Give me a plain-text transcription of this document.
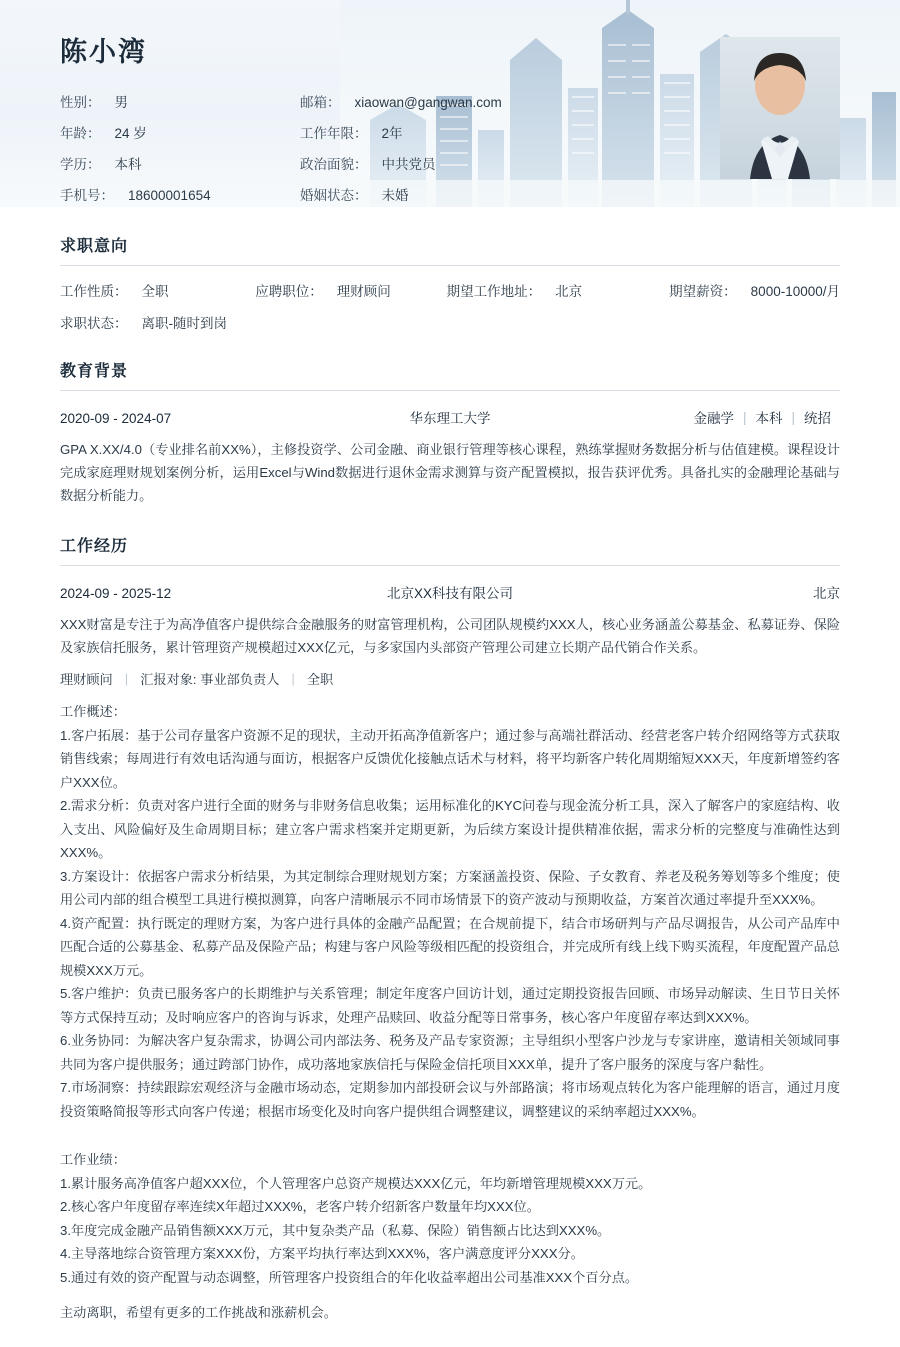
陈小湾
性别： 男	邮箱： xiaowan@gangwan.com
年龄： 24 岁	工作年限： 2年
学历： 本科	政治面貌： 中共党员
手机号： 18600001654	婚姻状态： 未婚
求职意向
工作性质： 全职	应聘职位： 理财顾问	期望工作地址： 北京	期望薪资： 8000-10000/月
求职状态： 离职-随时到岗
教育背景
2020-09 - 2024-07	华东理工大学	金融学 | 本科 | 统招

GPA X.XX/4.0（专业排名前XX%），主修投资学、公司金融、商业银行管理等核心课程，熟练掌握财务数据分析与估值建模。课程设计完成家庭理财规划案例分析，运用Excel与Wind数据进行退休金需求测算与资产配置模拟，报告获评优秀。具备扎实的金融理论基础与数据分析能力。

工作经历
2024-09 - 2025-12	北京XX科技有限公司	北京

XXX财富是专注于为高净值客户提供综合金融服务的财富管理机构，公司团队规模约XXX人，核心业务涵盖公募基金、私募证券、保险及家族信托服务，累计管理资产规模超过XXX亿元，与多家国内头部资产管理公司建立长期产品代销合作关系。

理财顾问 | 汇报对象: 事业部负责人 | 全职

工作概述：

1.客户拓展：基于公司存量客户资源不足的现状，主动开拓高净值新客户；通过参与高端社群活动、经营老客户转介绍网络等方式获取销售线索；每周进行有效电话沟通与面访，根据客户反馈优化接触点话术与材料，将平均新客户转化周期缩短XXX天，年度新增签约客户XXX位。

2.需求分析：负责对客户进行全面的财务与非财务信息收集；运用标准化的KYC问卷与现金流分析工具，深入了解客户的家庭结构、收入支出、风险偏好及生命周期目标；建立客户需求档案并定期更新，为后续方案设计提供精准依据，需求分析的完整度与准确性达到XXX%。

3.方案设计：依据客户需求分析结果，为其定制综合理财规划方案；方案涵盖投资、保险、子女教育、养老及税务筹划等多个维度；使用公司内部的组合模型工具进行模拟测算，向客户清晰展示不同市场情景下的资产波动与预期收益，方案首次通过率提升至XXX%。

4.资产配置：执行既定的理财方案，为客户进行具体的金融产品配置；在合规前提下，结合市场研判与产品尽调报告，从公司产品库中匹配合适的公募基金、私募产品及保险产品；构建与客户风险等级相匹配的投资组合，并完成所有线上线下购买流程，年度配置产品总规模XXX万元。

5.客户维护：负责已服务客户的长期维护与关系管理；制定年度客户回访计划，通过定期投资报告回顾、市场异动解读、生日节日关怀等方式保持互动；及时响应客户的咨询与诉求，处理产品赎回、收益分配等日常事务，核心客户年度留存率达到XXX%。

6.业务协同：为解决客户复杂需求，协调公司内部法务、税务及产品专家资源；主导组织小型客户沙龙与专家讲座，邀请相关领域同事共同为客户提供服务；通过跨部门协作，成功落地家族信托与保险金信托项目XXX单，提升了客户服务的深度与客户黏性。

7.市场洞察：持续跟踪宏观经济与金融市场动态，定期参加内部投研会议与外部路演；将市场观点转化为客户能理解的语言，通过月度投资策略简报等形式向客户传递；根据市场变化及时向客户提供组合调整建议，调整建议的采纳率超过XXX%。

工作业绩：

1.累计服务高净值客户超XXX位，个人管理客户总资产规模达XXX亿元，年均新增管理规模XXX万元。

2.核心客户年度留存率连续X年超过XXX%，老客户转介绍新客户数量年均XXX位。

3.年度完成金融产品销售额XXX万元，其中复杂类产品（私募、保险）销售额占比达到XXX%。

4.主导落地综合资管理方案XXX份，方案平均执行率达到XXX%，客户满意度评分XXX分。

5.通过有效的资产配置与动态调整，所管理客户投资组合的年化收益率超出公司基准XXX个百分点。

主动离职，希望有更多的工作挑战和涨薪机会。
